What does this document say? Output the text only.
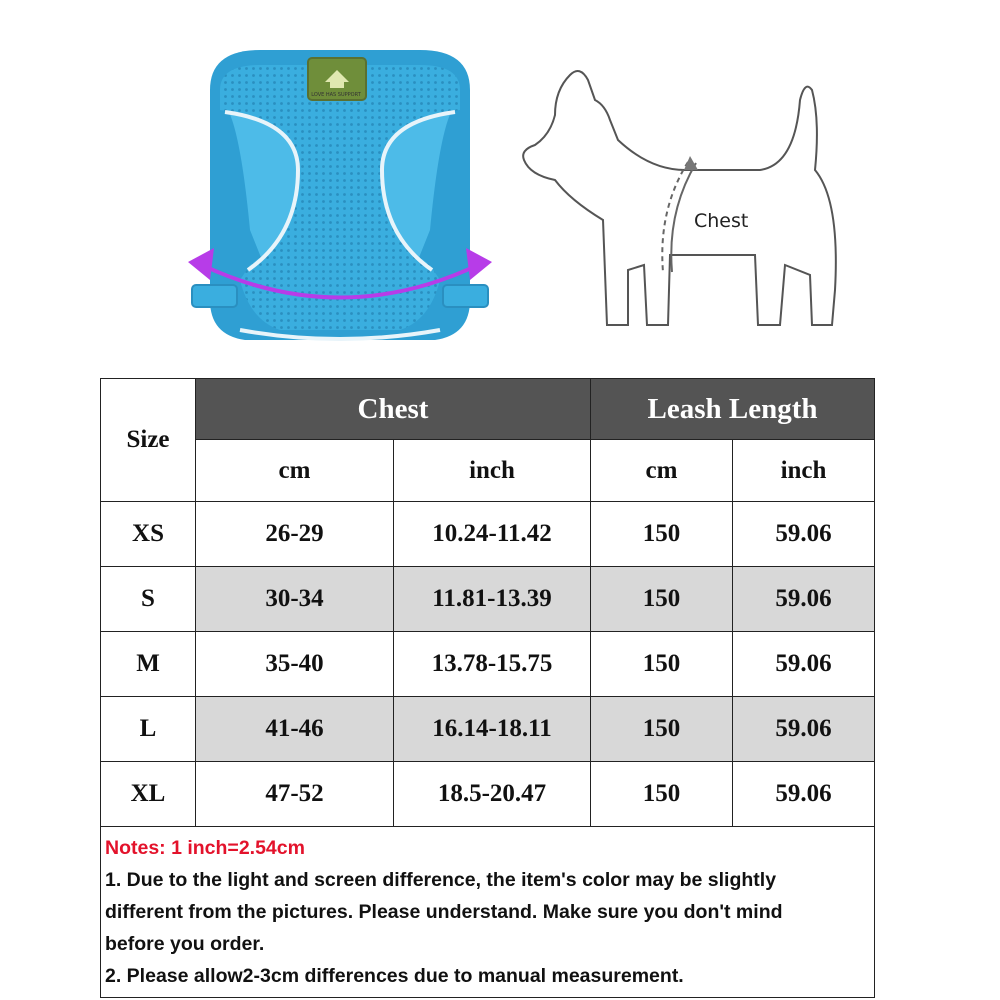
LOVE HAS SUPPORT
Chest
Size
Chest	Leash Length
cm	inch	cm	inch
XS	26-29	10.24-11.42	150	59.06
S	30-34	11.81-13.39	150	59.06
M	35-40	13.78-15.75	150	59.06
L	41-46	16.14-18.11	150	59.06
XL	47-52	18.5-20.47	150	59.06
Notes: 1 inch=2.54cm
1. Due to the light and screen difference, the item's color may be slightly
different from the pictures. Please understand. Make sure you don't mind
before you order.
2. Please allow2-3cm differences due to manual measurement.
